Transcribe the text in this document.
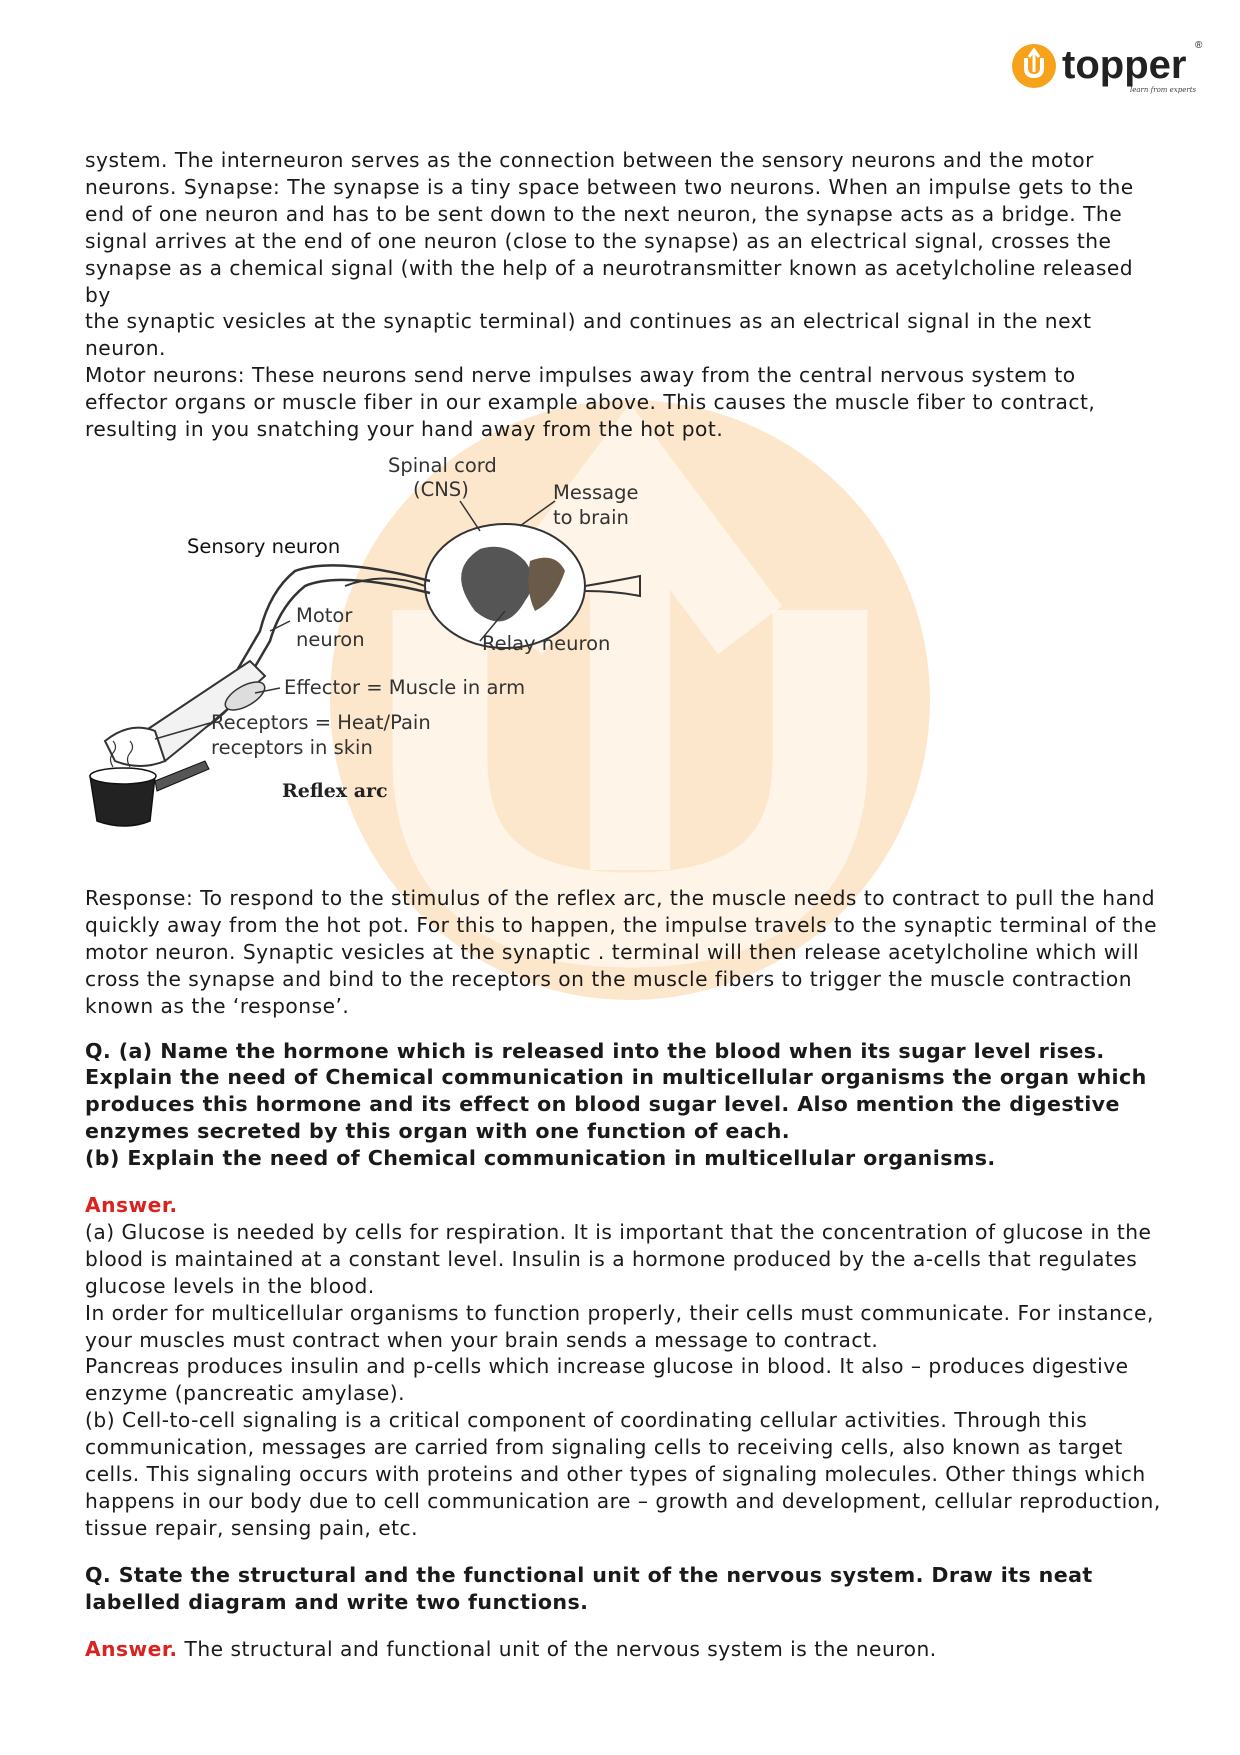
topper ®
learn from experts

system. The interneuron serves as the connection between the sensory neurons and the motor
neurons. Synapse: The synapse is a tiny space between two neurons. When an impulse gets to the
end of one neuron and has to be sent down to the next neuron, the synapse acts as a bridge. The
signal arrives at the end of one neuron (close to the synapse) as an electrical signal, crosses the
synapse as a chemical signal (with the help of a neurotransmitter known as acetylcholine released by
the synaptic vesicles at the synaptic terminal) and continues as an electrical signal in the next
neuron.

Motor neurons: These neurons send nerve impulses away from the central nervous system to
effector organs or muscle fiber in our example above. This causes the muscle fiber to contract,
resulting in you snatching your hand away from the hot pot.

Spinal cord
(CNS)	Message
to brain
Sensory neuron
Motor
neuron	Relay neuron
Effector = Muscle in arm
Receptors = Heat/Pain
receptors in skin
Reflex arc

Response: To respond to the stimulus of the reflex arc, the muscle needs to contract to pull the hand
quickly away from the hot pot. For this to happen, the impulse travels to the synaptic terminal of the
motor neuron. Synaptic vesicles at the synaptic . terminal will then release acetylcholine which will
cross the synapse and bind to the receptors on the muscle fibers to trigger the muscle contraction
known as the ‘response’.

Q. (a) Name the hormone which is released into the blood when its sugar level rises.
Explain the need of Chemical communication in multicellular organisms the organ which
produces this hormone and its effect on blood sugar level. Also mention the digestive
enzymes secreted by this organ with one function of each.
(b) Explain the need of Chemical communication in multicellular organisms.

Answer.

(a) Glucose is needed by cells for respiration. It is important that the concentration of glucose in the
blood is maintained at a constant level. Insulin is a hormone produced by the a-cells that regulates
glucose levels in the blood.
In order for multicellular organisms to function properly, their cells must communicate. For instance,
your muscles must contract when your brain sends a message to contract.
Pancreas produces insulin and p-cells which increase glucose in blood. It also – produces digestive
enzyme (pancreatic amylase).
(b) Cell-to-cell signaling is a critical component of coordinating cellular activities. Through this
communication, messages are carried from signaling cells to receiving cells, also known as target
cells. This signaling occurs with proteins and other types of signaling molecules. Other things which
happens in our body due to cell communication are – growth and development, cellular reproduction,
tissue repair, sensing pain, etc.

Q. State the structural and the functional unit of the nervous system. Draw its neat
labelled diagram and write two functions.

Answer. The structural and functional unit of the nervous system is the neuron.
